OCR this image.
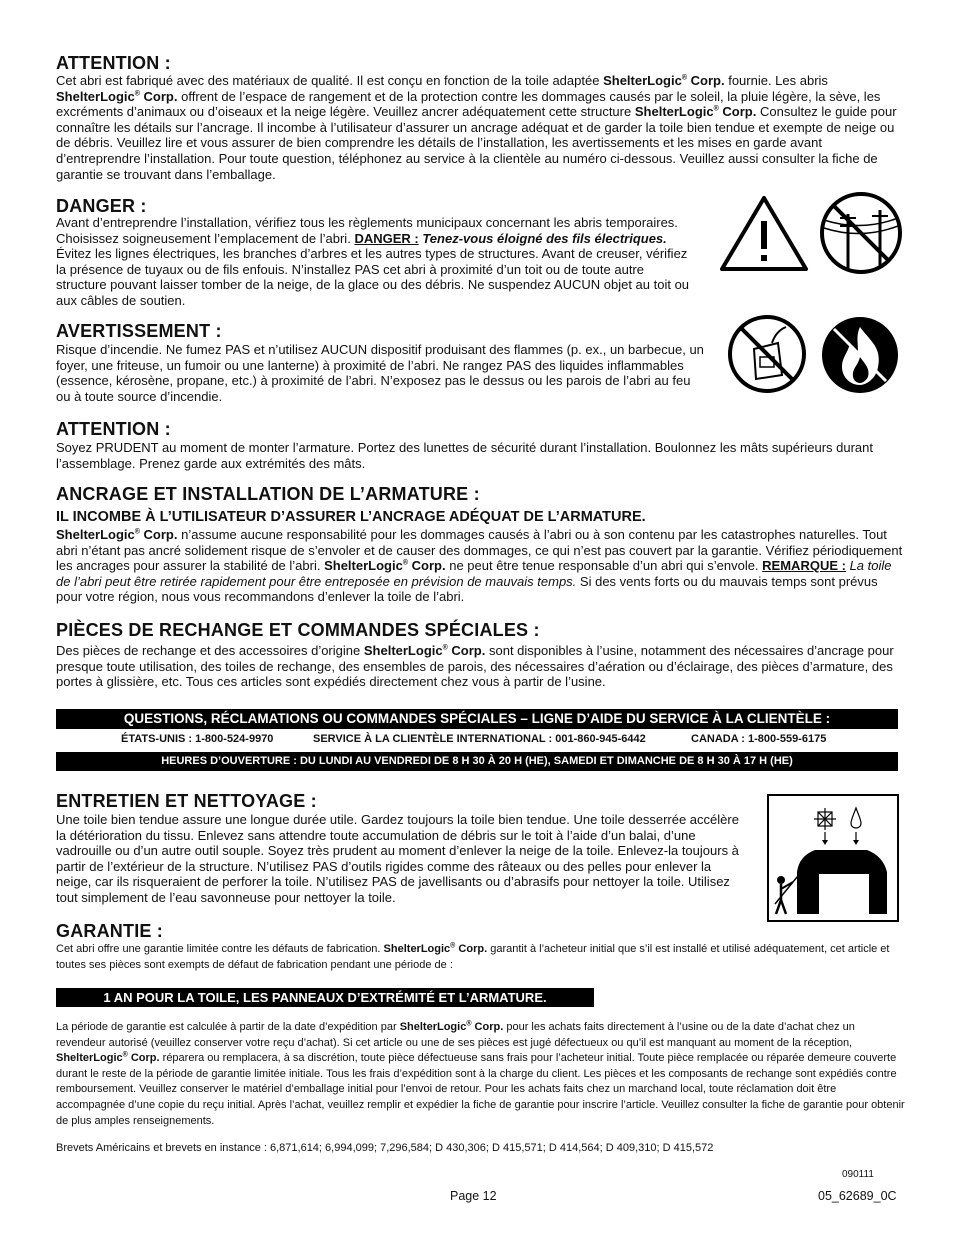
ATTENTION :
Cet abri est fabriqué avec des matériaux de qualité. Il est conçu en fonction de la toile adaptée ShelterLogic® Corp. fournie. Les abris ShelterLogic® Corp. offrent de l’espace de rangement et de la protection contre les dommages causés par le soleil, la pluie légère, la sève, les excréments d’animaux ou d’oiseaux et la neige légère. Veuillez ancrer adéquatement cette structure ShelterLogic® Corp. Consultez le guide pour connaître les détails sur l’ancrage. Il incombe à l’utilisateur d’assurer un ancrage adéquat et de garder la toile bien tendue et exempte de neige ou de débris. Veuillez lire et vous assurer de bien comprendre les détails de l’installation, les avertissements et les mises en garde avant d’entreprendre l’installation. Pour toute question, téléphonez au service à la clientèle au numéro ci-dessous. Veuillez aussi consulter la fiche de garantie se trouvant dans l’emballage.
DANGER :
Avant d’entreprendre l’installation, vérifiez tous les règlements municipaux concernant les abris temporaires. Choisissez soigneusement l’emplacement de l’abri. DANGER : Tenez-vous éloigné des fils électriques. Évitez les lignes électriques, les branches d’arbres et les autres types de structures. Avant de creuser, vérifiez la présence de tuyaux ou de fils enfouis. N’installez PAS cet abri à proximité d’un toit ou de toute autre structure pouvant laisser tomber de la neige, de la glace ou des débris. Ne suspendez AUCUN objet au toit ou aux câbles de soutien.
AVERTISSEMENT :
Risque d’incendie. Ne fumez PAS et n’utilisez AUCUN dispositif produisant des flammes (p. ex., un barbecue, un foyer, une friteuse, un fumoir ou une lanterne) à proximité de l’abri. Ne rangez PAS des liquides inflammables (essence, kérosène, propane, etc.) à proximité de l’abri. N’exposez pas le dessus ou les parois de l’abri au feu ou à toute source d’incendie.
ATTENTION :
Soyez PRUDENT au moment de monter l’armature. Portez des lunettes de sécurité durant l’installation. Boulonnez les mâts supérieurs durant l’assemblage. Prenez garde aux extrémités des mâts.
ANCRAGE ET INSTALLATION DE L’ARMATURE :
IL INCOMBE À L’UTILISATEUR D’ASSURER L’ANCRAGE ADÉQUAT DE L’ARMATURE.
ShelterLogic® Corp. n’assume aucune responsabilité pour les dommages causés à l’abri ou à son contenu par les catastrophes naturelles. Tout abri n’étant pas ancré solidement risque de s’envoler et de causer des dommages, ce qui n’est pas couvert par la garantie. Vérifiez périodiquement les ancrages pour assurer la stabilité de l’abri. ShelterLogic® Corp. ne peut être tenue responsable d’un abri qui s’envole. REMARQUE : La toile de l’abri peut être retirée rapidement pour être entreposée en prévision de mauvais temps. Si des vents forts ou du mauvais temps sont prévus pour votre région, nous vous recommandons d’enlever la toile de l’abri.
PIÈCES DE RECHANGE ET COMMANDES SPÉCIALES :
Des pièces de rechange et des accessoires d’origine ShelterLogic® Corp. sont disponibles à l’usine, notamment des nécessaires d’ancrage pour presque toute utilisation, des toiles de rechange, des ensembles de parois, des nécessaires d’aération ou d’éclairage, des pièces d’armature, des portes à glissière, etc. Tous ces articles sont expédiés directement chez vous à partir de l’usine.
QUESTIONS, RÉCLAMATIONS OU COMMANDES SPÉCIALES – LIGNE D’AIDE DU SERVICE À LA CLIENTÈLE :
ÉTATS-UNIS : 1-800-524-9970	SERVICE À LA CLIENTÈLE INTERNATIONAL : 001-860-945-6442	CANADA : 1-800-559-6175
HEURES D’OUVERTURE : DU LUNDI AU VENDREDI DE 8 H 30 À 20 H (HE), SAMEDI ET DIMANCHE DE 8 H 30 À 17 H (HE)
ENTRETIEN ET NETTOYAGE :
Une toile bien tendue assure une longue durée utile. Gardez toujours la toile bien tendue. Une toile desserrée accélère la détérioration du tissu. Enlevez sans attendre toute accumulation de débris sur le toit à l’aide d’un balai, d’une vadrouille ou d’un autre outil souple. Soyez très prudent au moment d’enlever la neige de la toile. Enlevez-la toujours à partir de l’extérieur de la structure. N’utilisez PAS d’outils rigides comme des râteaux ou des pelles pour enlever la neige, car ils risqueraient de perforer la toile. N’utilisez PAS de javellisants ou d’abrasifs pour nettoyer la toile. Utilisez tout simplement de l’eau savonneuse pour nettoyer la toile.
GARANTIE :
Cet abri offre une garantie limitée contre les défauts de fabrication. ShelterLogic® Corp. garantit à l’acheteur initial que s’il est installé et utilisé adéquatement, cet article et toutes ses pièces sont exempts de défaut de fabrication pendant une période de :
1 AN POUR LA TOILE, LES PANNEAUX D’EXTRÉMITÉ ET L’ARMATURE.
La période de garantie est calculée à partir de la date d’expédition par ShelterLogic® Corp. pour les achats faits directement à l’usine ou de la date d’achat chez un revendeur autorisé (veuillez conserver votre reçu d’achat). Si cet article ou une de ses pièces est jugé défectueux ou qu’il est manquant au moment de la réception, ShelterLogic® Corp. réparera ou remplacera, à sa discrétion, toute pièce défectueuse sans frais pour l’acheteur initial. Toute pièce remplacée ou réparée demeure couverte durant le reste de la période de garantie limitée initiale. Tous les frais d’expédition sont à la charge du client. Les pièces et les composants de rechange sont expédiés contre remboursement. Veuillez conserver le matériel d’emballage initial pour l’envoi de retour. Pour les achats faits chez un marchand local, toute réclamation doit être accompagnée d’une copie du reçu initial. Après l’achat, veuillez remplir et expédier la fiche de garantie pour inscrire l’article. Veuillez consulter la fiche de garantie pour obtenir de plus amples renseignements.
Brevets Américains et brevets en instance : 6,871,614; 6,994,099; 7,296,584; D 430,306; D 415,571; D 414,564; D 409,310; D 415,572
090111
Page 12	05_62689_0C
